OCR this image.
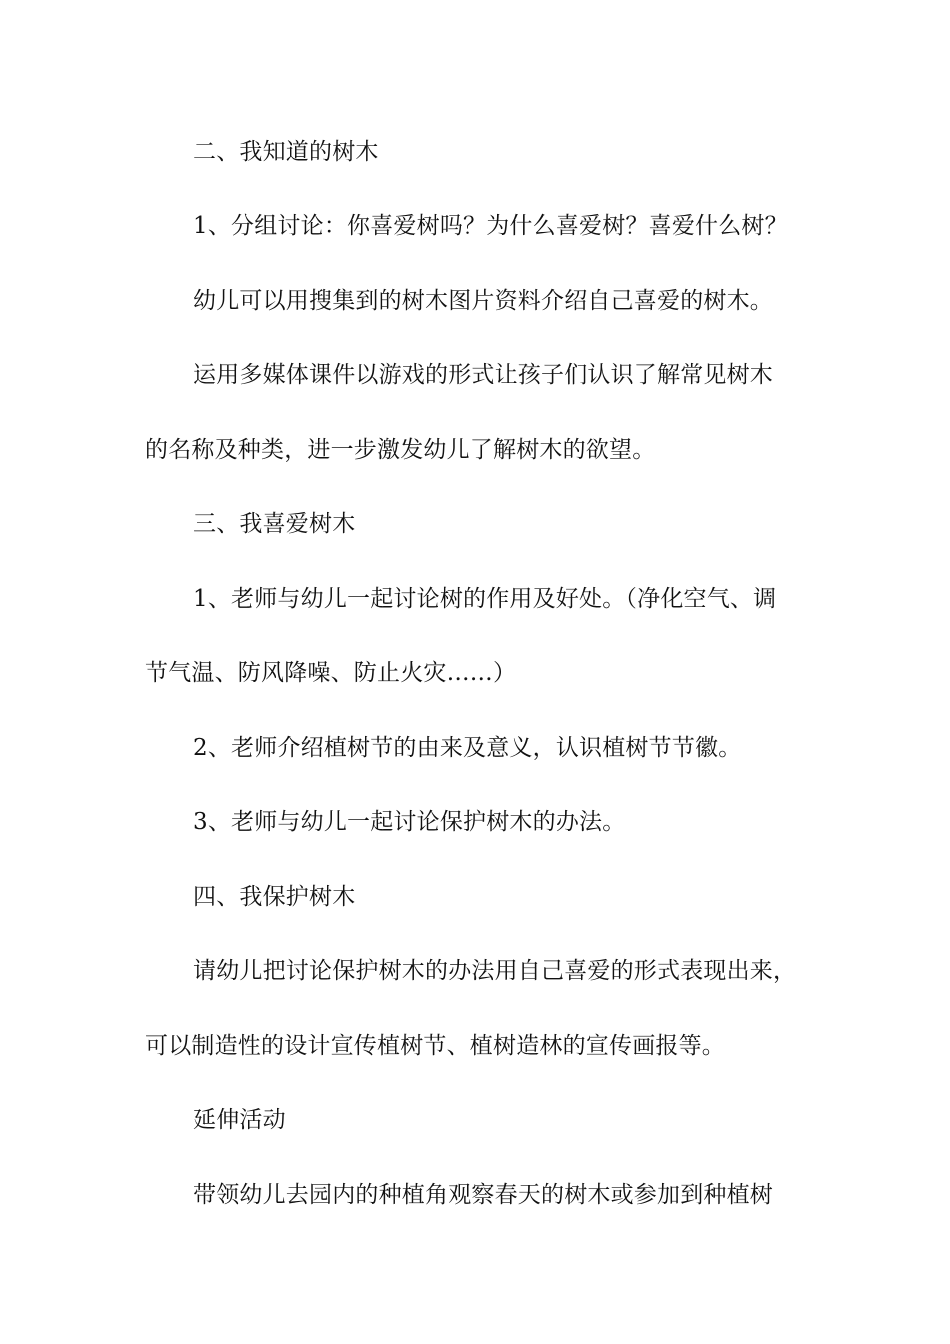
二、我知道的树木
1、分组讨论：你喜爱树吗？为什么喜爱树？喜爱什么树？
幼儿可以用搜集到的树木图片资料介绍自己喜爱的树木。
运用多媒体课件以游戏的形式让孩子们认识了解常见树木
的名称及种类，进一步激发幼儿了解树木的欲望。
三、我喜爱树木
1、老师与幼儿一起讨论树的作用及好处。（净化空气、调
节气温、防风降噪、防止火灾……）
2、老师介绍植树节的由来及意义，认识植树节节徽。
3、老师与幼儿一起讨论保护树木的办法。
四、我保护树木
请幼儿把讨论保护树木的办法用自己喜爱的形式表现出来，
可以制造性的设计宣传植树节、植树造林的宣传画报等。
延伸活动
带领幼儿去园内的种植角观察春天的树木或参加到种植树
